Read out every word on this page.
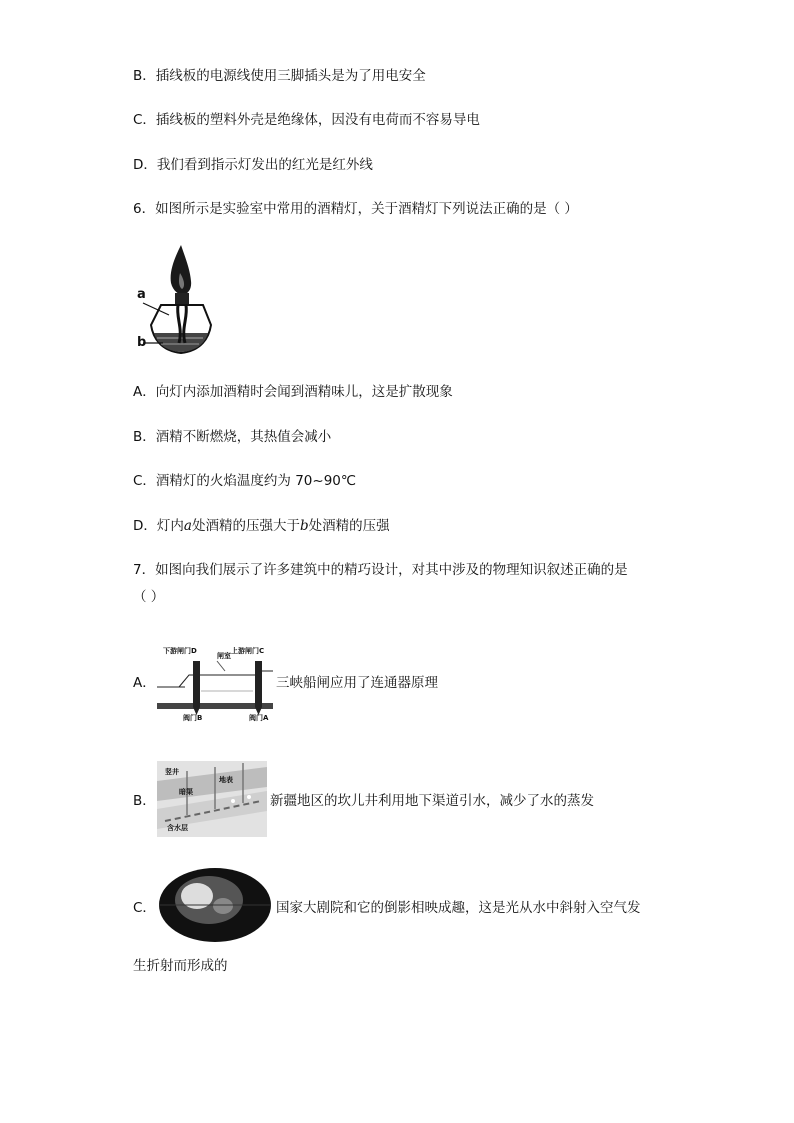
B．插线板的电源线使用三脚插头是为了用电安全
C．插线板的塑料外壳是绝缘体，因没有电荷而不容易导电
D．我们看到指示灯发出的红光是红外线
6．如图所示是实验室中常用的酒精灯，关于酒精灯下列说法正确的是（ ）
a
b
A．向灯内添加酒精时会闻到酒精味儿，这是扩散现象
B．酒精不断燃烧，其热值会减小
C．酒精灯的火焰温度约为 70~90℃
D．灯内a处酒精的压强大于b处酒精的压强
7．如图向我们展示了许多建筑中的精巧设计，对其中涉及的物理知识叙述正确的是
（ ）
A．
下游闸门D
闸室
上游闸门C
阀门B	阀门A
三峡船闸应用了连通器原理
B．
竖井
暗渠
地表
含水层
新疆地区的坎儿井利用地下渠道引水，减少了水的蒸发
C．	国家大剧院和它的倒影相映成趣，这是光从水中斜射入空气发
生折射而形成的
